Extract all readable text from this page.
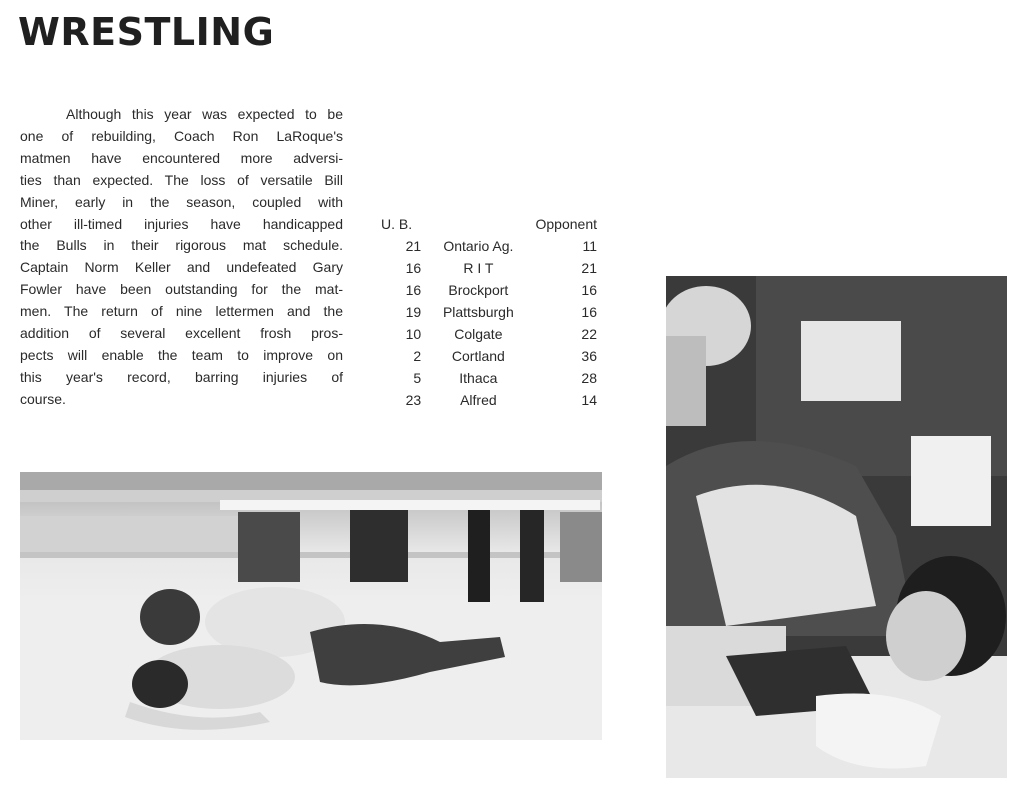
WRESTLING
Although this year was expected to be
one of rebuilding, Coach Ron LaRoque's
matmen have encountered more adversi-
ties than expected. The loss of versatile Bill
Miner, early in the season, coupled with
other ill-timed injuries have handicapped
the Bulls in their rigorous mat schedule.
Captain Norm Keller and undefeated Gary
Fowler have been outstanding for the mat-
men. The return of nine lettermen and the
addition of several excellent frosh pros-
pects will enable the team to improve on
this year's record, barring injuries of
course.
U. B.		Opponent
21	Ontario Ag.	11
16	R I T	21
16	Brockport	16
19	Plattsburgh	16
10	Colgate	22
2	Cortland	36
5	Ithaca	28
23	Alfred	14
